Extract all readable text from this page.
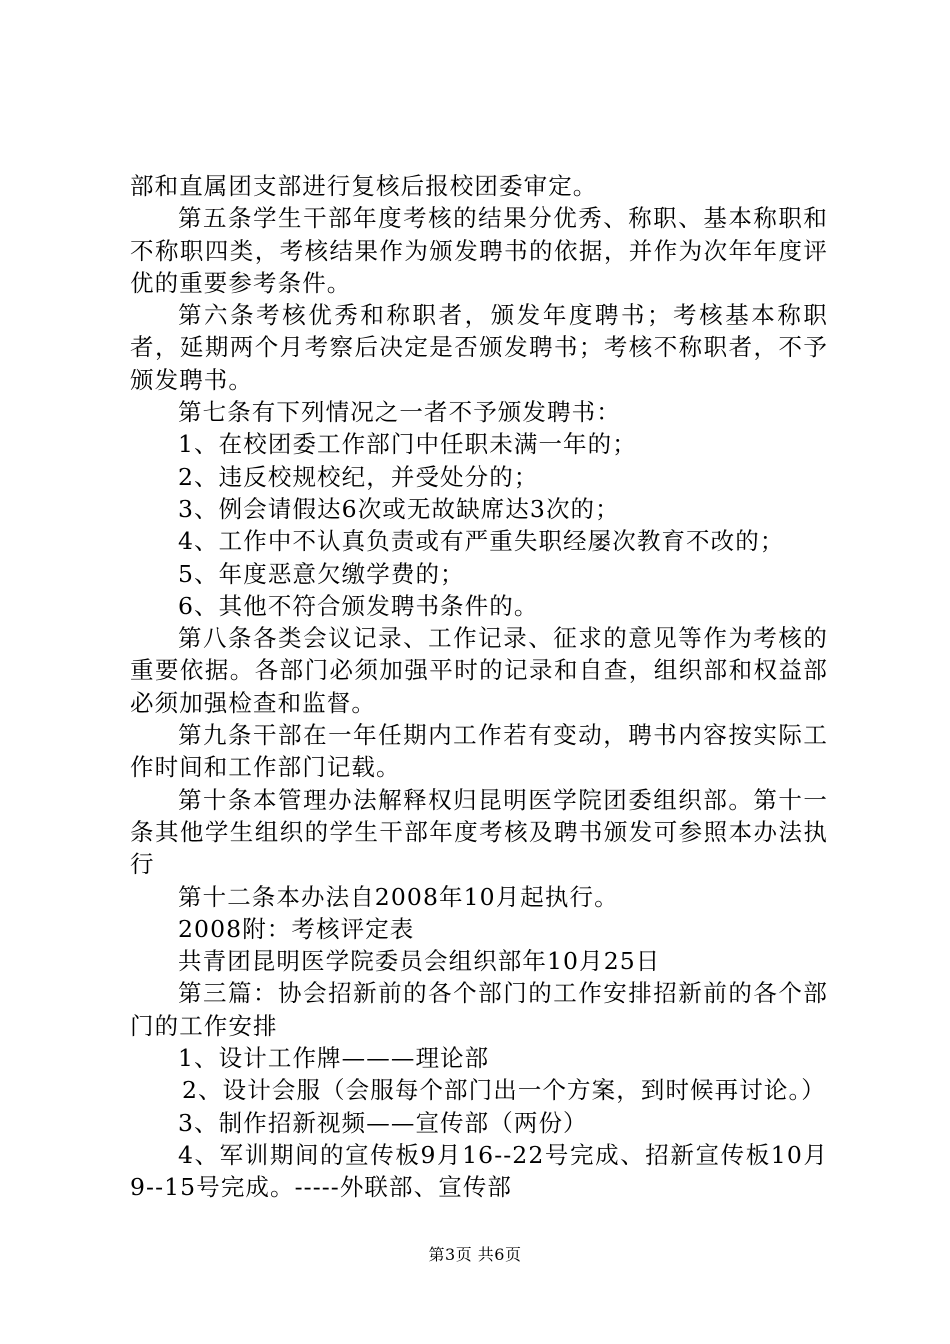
部和直属团支部进行复核后报校团委审定。

第五条学生干部年度考核的结果分优秀、称职、基本称职和不称职四类，考核结果作为颁发聘书的依据，并作为次年年度评优的重要参考条件。

第六条考核优秀和称职者，颁发年度聘书；考核基本称职者，延期两个月考察后决定是否颁发聘书；考核不称职者，不予颁发聘书。

第七条有下列情况之一者不予颁发聘书：

1、在校团委工作部门中任职未满一年的；

2、违反校规校纪，并受处分的；

3、例会请假达6次或无故缺席达3次的；

4、工作中不认真负责或有严重失职经屡次教育不改的；

5、年度恶意欠缴学费的；

6、其他不符合颁发聘书条件的。

第八条各类会议记录、工作记录、征求的意见等作为考核的重要依据。各部门必须加强平时的记录和自查，组织部和权益部必须加强检查和监督。

第九条干部在一年任期内工作若有变动，聘书内容按实际工作时间和工作部门记载。

第十条本管理办法解释权归昆明医学院团委组织部。第十一条其他学生组织的学生干部年度考核及聘书颁发可参照本办法执行

第十二条本办法自2008年10月起执行。

2008附：考核评定表

共青团昆明医学院委员会组织部年10月25日

第三篇：协会招新前的各个部门的工作安排招新前的各个部门的工作安排

1、设计工作牌———理论部

2、设计会服（会服每个部门出一个方案，到时候再讨论。）

3、制作招新视频——宣传部（两份）

4、军训期间的宣传板9月16--22号完成、招新宣传板10月9--15号完成。-----外联部、宣传部

第3页 共6页
